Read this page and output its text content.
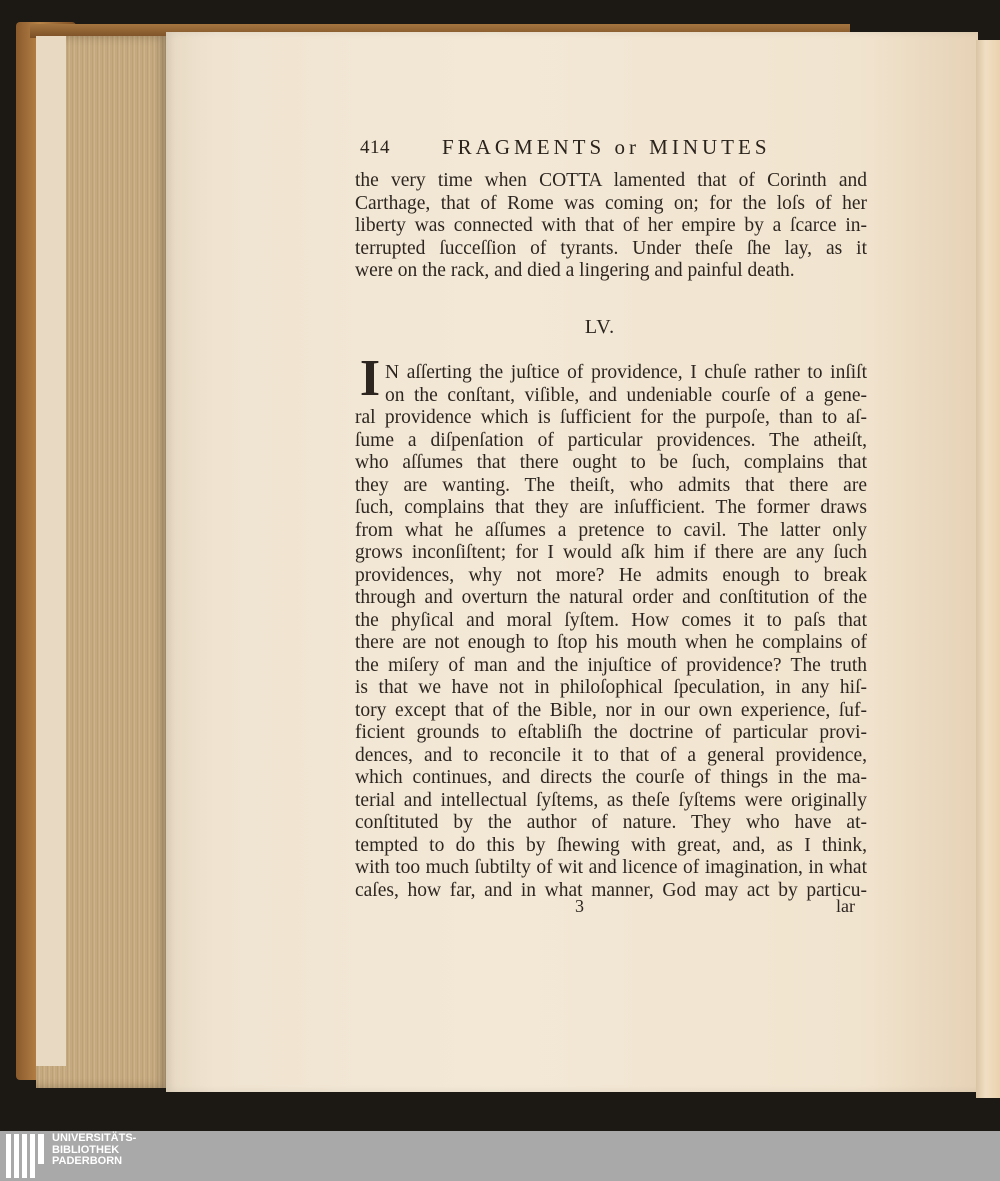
414 FRAGMENTS or MINUTES
the very time when COTTA lamented that of Corinth and
Carthage, that of Rome was coming on; for the loſs of her
liberty was connected with that of her empire by a ſcarce in-
terrupted ſucceſſion of tyrants. Under theſe ſhe lay, as it
were on the rack, and died a lingering and painful death.
LV.
I N aſſerting the juſtice of providence, I chuſe rather to inſiſt
on the conſtant, viſible, and undeniable courſe of a gene-
ral providence which is ſufficient for the purpoſe, than to aſ-
ſume a diſpenſation of particular providences. The atheiſt,
who aſſumes that there ought to be ſuch, complains that
they are wanting. The theiſt, who admits that there are
ſuch, complains that they are inſufficient. The former draws
from what he aſſumes a pretence to cavil. The latter only
grows inconſiſtent; for I would aſk him if there are any ſuch
providences, why not more? He admits enough to break
through and overturn the natural order and conſtitution of the
the phyſical and moral ſyſtem. How comes it to paſs that
there are not enough to ſtop his mouth when he complains of
the miſery of man and the injuſtice of providence? The truth
is that we have not in philoſophical ſpeculation, in any hiſ-
tory except that of the Bible, nor in our own experience, ſuf-
ficient grounds to eſtabliſh the doctrine of particular provi-
dences, and to reconcile it to that of a general providence,
which continues, and directs the courſe of things in the ma-
terial and intellectual ſyſtems, as theſe ſyſtems were originally
conſtituted by the author of nature. They who have at-
tempted to do this by ſhewing with great, and, as I think,
with too much ſubtilty of wit and licence of imagination, in what
caſes, how far, and in what manner, God may act by particu-
3	lar
UNIVERSITÄTS-
BIBLIOTHEK
PADERBORN
